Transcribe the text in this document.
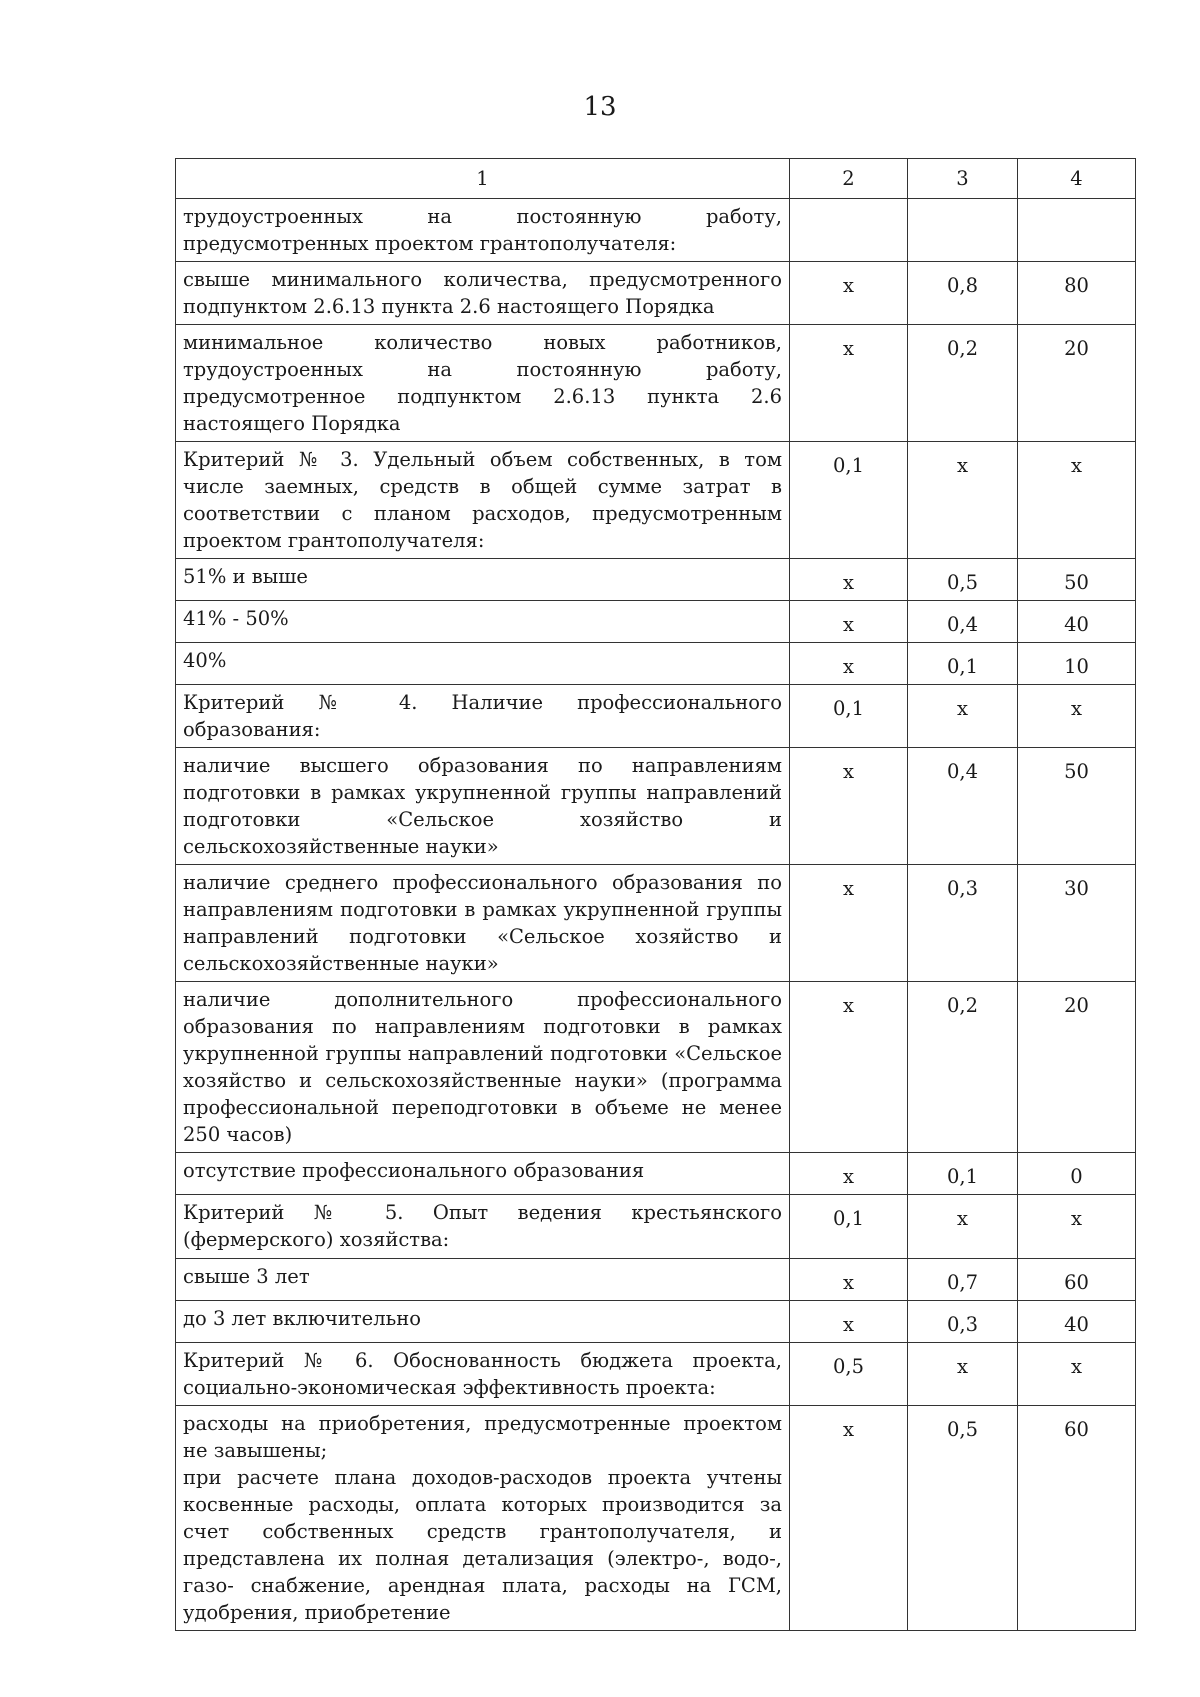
13
1	2	3	4

трудоустроенных на постоянную работу, предусмотренных проектом грантополучателя:			

свыше минимального количества, предусмотренного подпунктом 2.6.13 пункта 2.6 настоящего Порядка	х	0,8	80

минимальное количество новых работников, трудоустроенных на постоянную работу, предусмотренное подпунктом 2.6.13 пункта 2.6 настоящего Порядка	х	0,2	20

Критерий № 3. Удельный объем собственных, в том числе заемных, средств в общей сумме затрат в соответствии с планом расходов, предусмотренным проектом грантополучателя:	0,1	х	х

51% и выше	х	0,5	50

41% - 50%	х	0,4	40

40%	х	0,1	10

Критерий № 4. Наличие профессионального образования:	0,1	х	х

наличие высшего образования по направлениям подготовки в рамках укрупненной группы направлений подготовки «Сельское хозяйство и сельскохозяйственные науки»	х	0,4	50

наличие среднего профессионального образования по направлениям подготовки в рамках укрупненной группы направлений подготовки «Сельское хозяйство и сельскохозяйственные науки»	х	0,3	30

наличие дополнительного профессионального образования по направлениям подготовки в рамках укрупненной группы направлений подготовки «Сельское хозяйство и сельскохозяйственные науки» (программа профессиональной переподготовки в объеме не менее 250 часов)	х	0,2	20

отсутствие профессионального образования	х	0,1	0

Критерий № 5. Опыт ведения крестьянского (фермерского) хозяйства:	0,1	х	х

свыше 3 лет	х	0,7	60

до 3 лет включительно	х	0,3	40

Критерий № 6. Обоснованность бюджета проекта, социально-экономическая эффективность проекта:	0,5	х	х

расходы на приобретения, предусмотренные проектом не завышены;
при расчете плана доходов-расходов проекта учтены косвенные расходы, оплата которых производится за счет собственных средств грантополучателя, и представлена их полная детализация (электро-, водо-, газо- снабжение, арендная плата, расходы на ГСМ, удобрения, приобретение	х	0,5	60
